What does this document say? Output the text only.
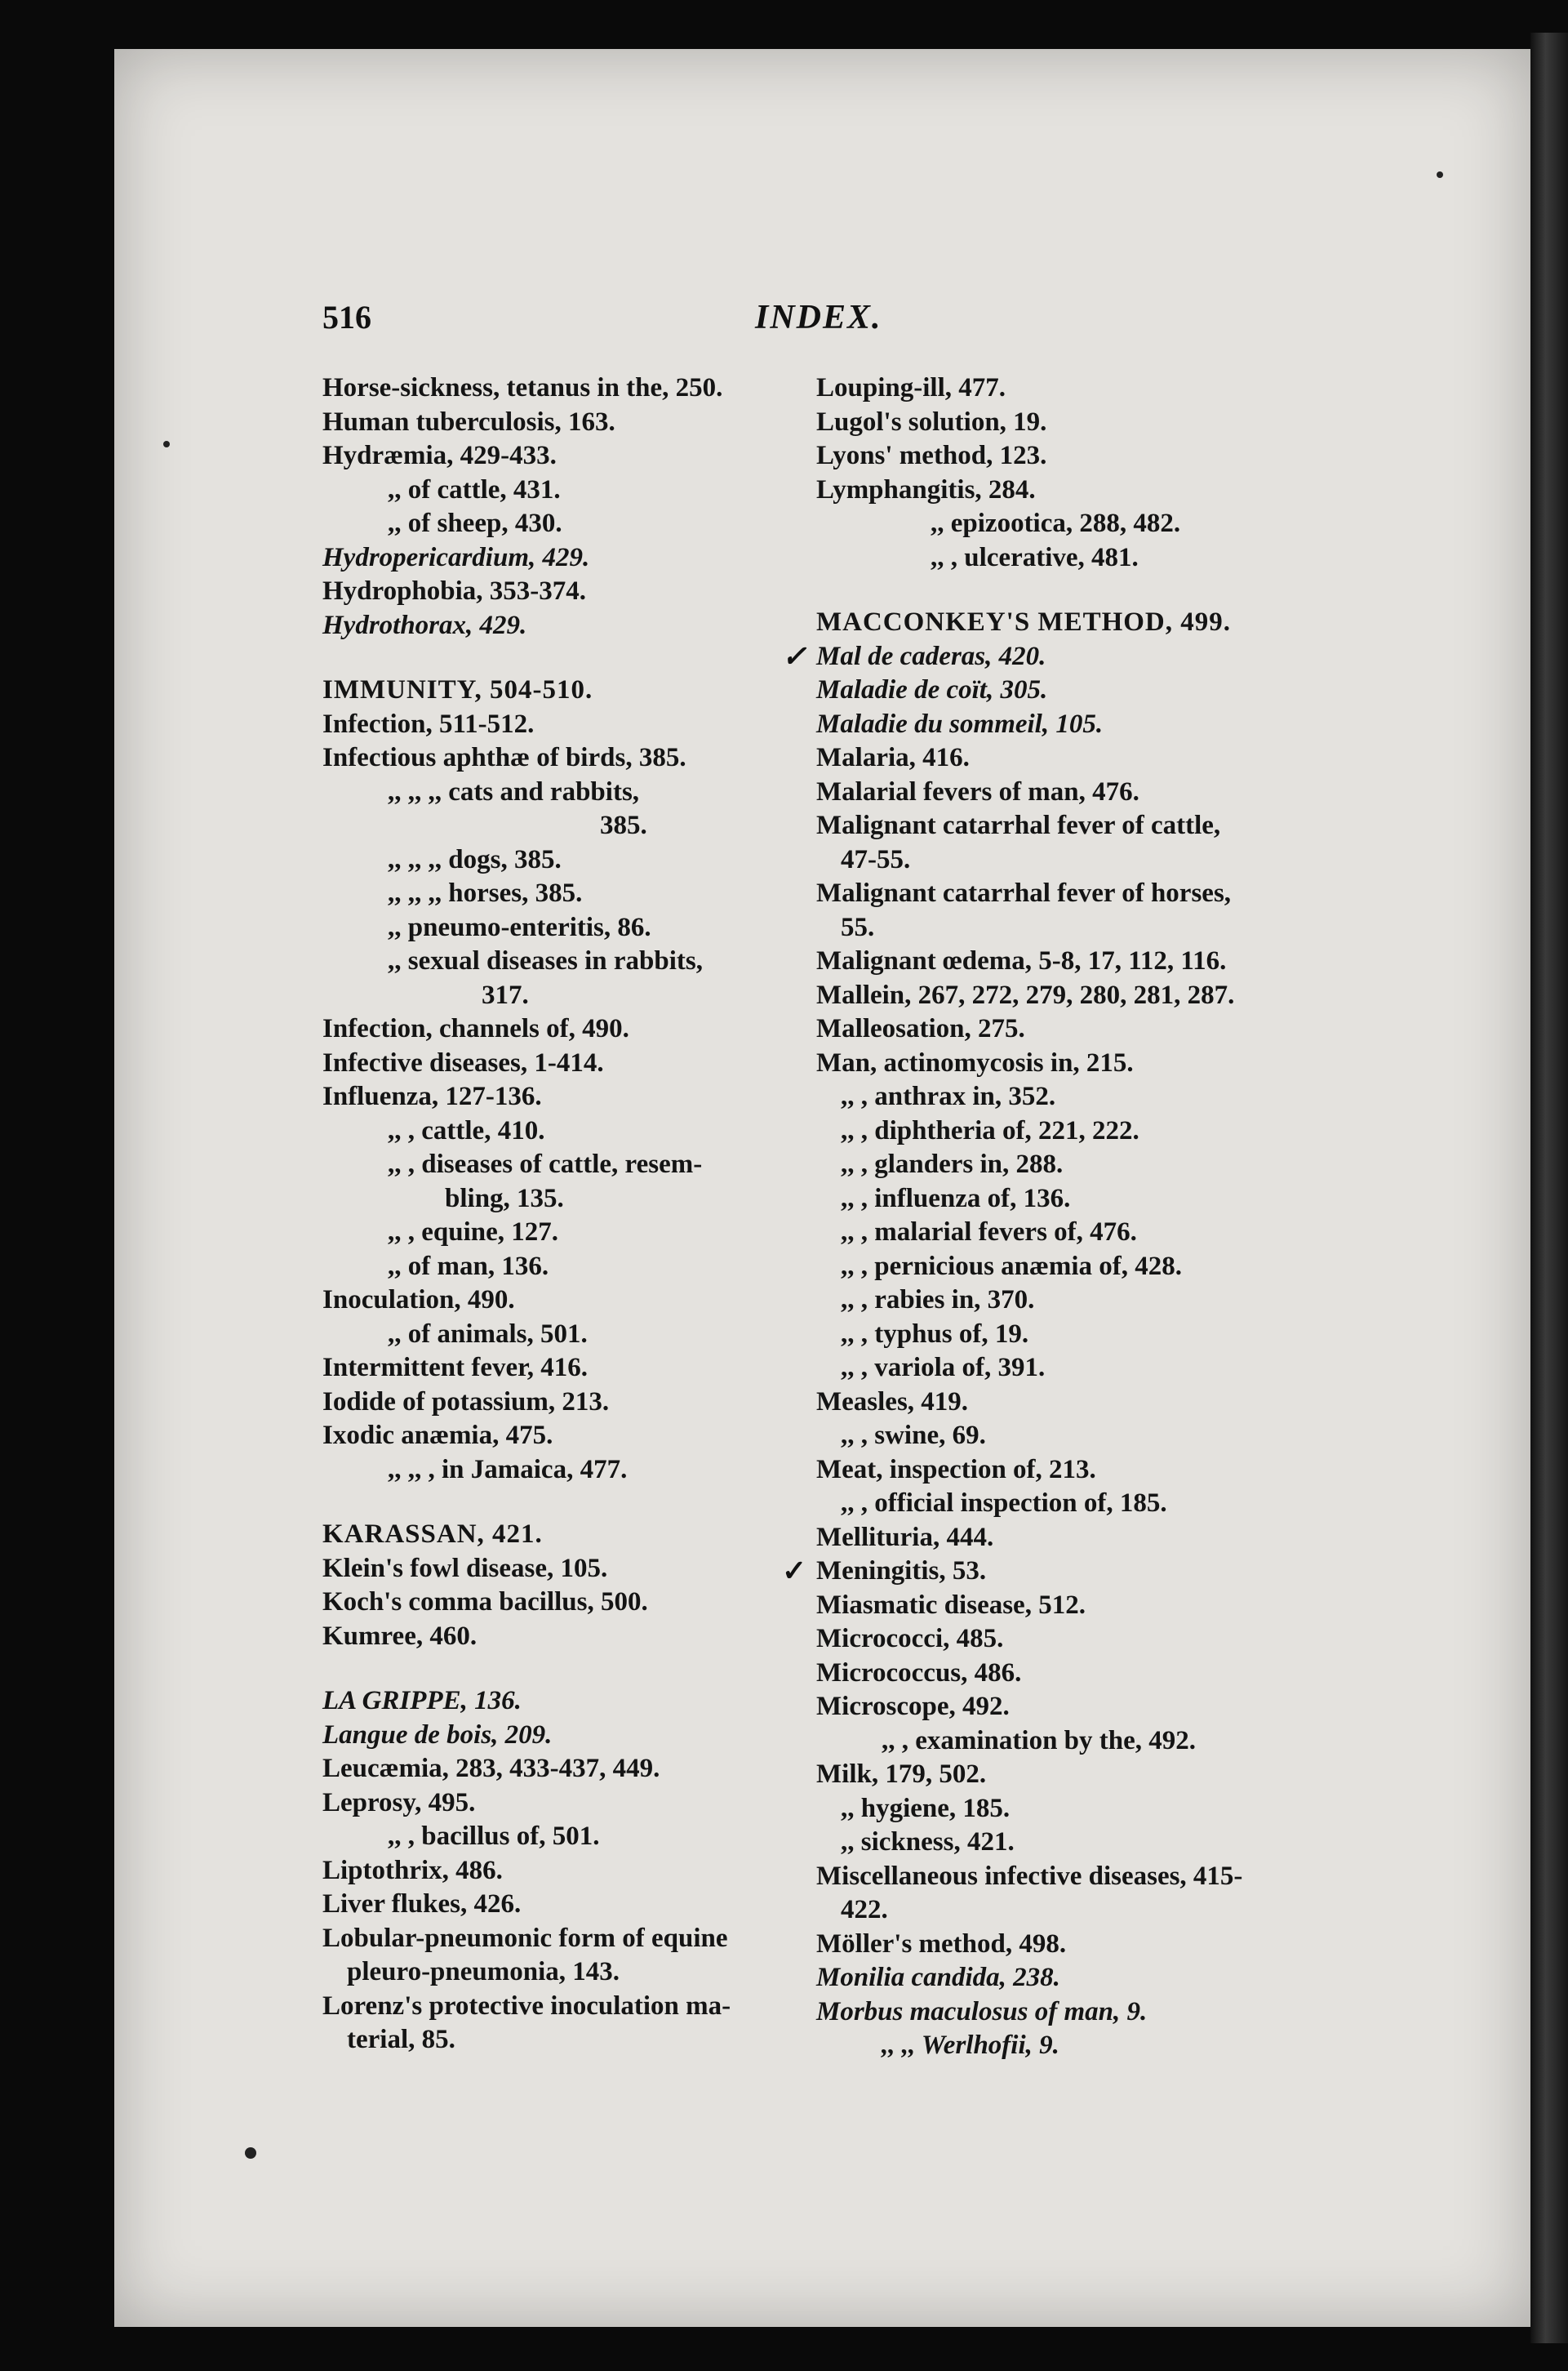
516	INDEX.
Horse-sickness, tetanus in the, 250.
Human tuberculosis, 163.
Hydræmia, 429-433.
,, of cattle, 431.
,, of sheep, 430.
Hydropericardium, 429.
Hydrophobia, 353-374.
Hydrothorax, 429.
IMMUNITY, 504-510.
Infection, 511-512.
Infectious aphthæ of birds, 385.
,, ,, ,, cats and rabbits,
385.
,, ,, ,, dogs, 385.
,, ,, ,, horses, 385.
,, pneumo-enteritis, 86.
,, sexual diseases in rabbits,
317.
Infection, channels of, 490.
Infective diseases, 1-414.
Influenza, 127-136.
,, , cattle, 410.
,, , diseases of cattle, resem-
bling, 135.
,, , equine, 127.
,, of man, 136.
Inoculation, 490.
,, of animals, 501.
Intermittent fever, 416.
Iodide of potassium, 213.
Ixodic anæmia, 475.
,, ,, , in Jamaica, 477.
KARASSAN, 421.
Klein's fowl disease, 105.
Koch's comma bacillus, 500.
Kumree, 460.
LA GRIPPE, 136.
Langue de bois, 209.
Leucæmia, 283, 433-437, 449.
Leprosy, 495.
,, , bacillus of, 501.
Liptothrix, 486.
Liver flukes, 426.
Lobular-pneumonic form of equine
pleuro-pneumonia, 143.
Lorenz's protective inoculation ma-
terial, 85.
Louping-ill, 477.
Lugol's solution, 19.
Lyons' method, 123.
Lymphangitis, 284.
,, epizootica, 288, 482.
,, , ulcerative, 481.
MACCONKEY'S METHOD, 499.
✓ Mal de caderas, 420.
Maladie de coït, 305.
Maladie du sommeil, 105.
Malaria, 416.
Malarial fevers of man, 476.
Malignant catarrhal fever of cattle,
47-55.
Malignant catarrhal fever of horses,
55.
Malignant œdema, 5-8, 17, 112, 116.
Mallein, 267, 272, 279, 280, 281, 287.
Malleosation, 275.
Man, actinomycosis in, 215.
,, , anthrax in, 352.
,, , diphtheria of, 221, 222.
,, , glanders in, 288.
,, , influenza of, 136.
,, , malarial fevers of, 476.
,, , pernicious anæmia of, 428.
,, , rabies in, 370.
,, , typhus of, 19.
,, , variola of, 391.
Measles, 419.
,, , swine, 69.
Meat, inspection of, 213.
,, , official inspection of, 185.
Mellituria, 444.
✓ Meningitis, 53.
Miasmatic disease, 512.
Micrococci, 485.
Micrococcus, 486.
Microscope, 492.
,, , examination by the, 492.
Milk, 179, 502.
,, hygiene, 185.
,, sickness, 421.
Miscellaneous infective diseases, 415-
422.
Möller's method, 498.
Monilia candida, 238.
Morbus maculosus of man, 9.
,, ,, Werlhofii, 9.
